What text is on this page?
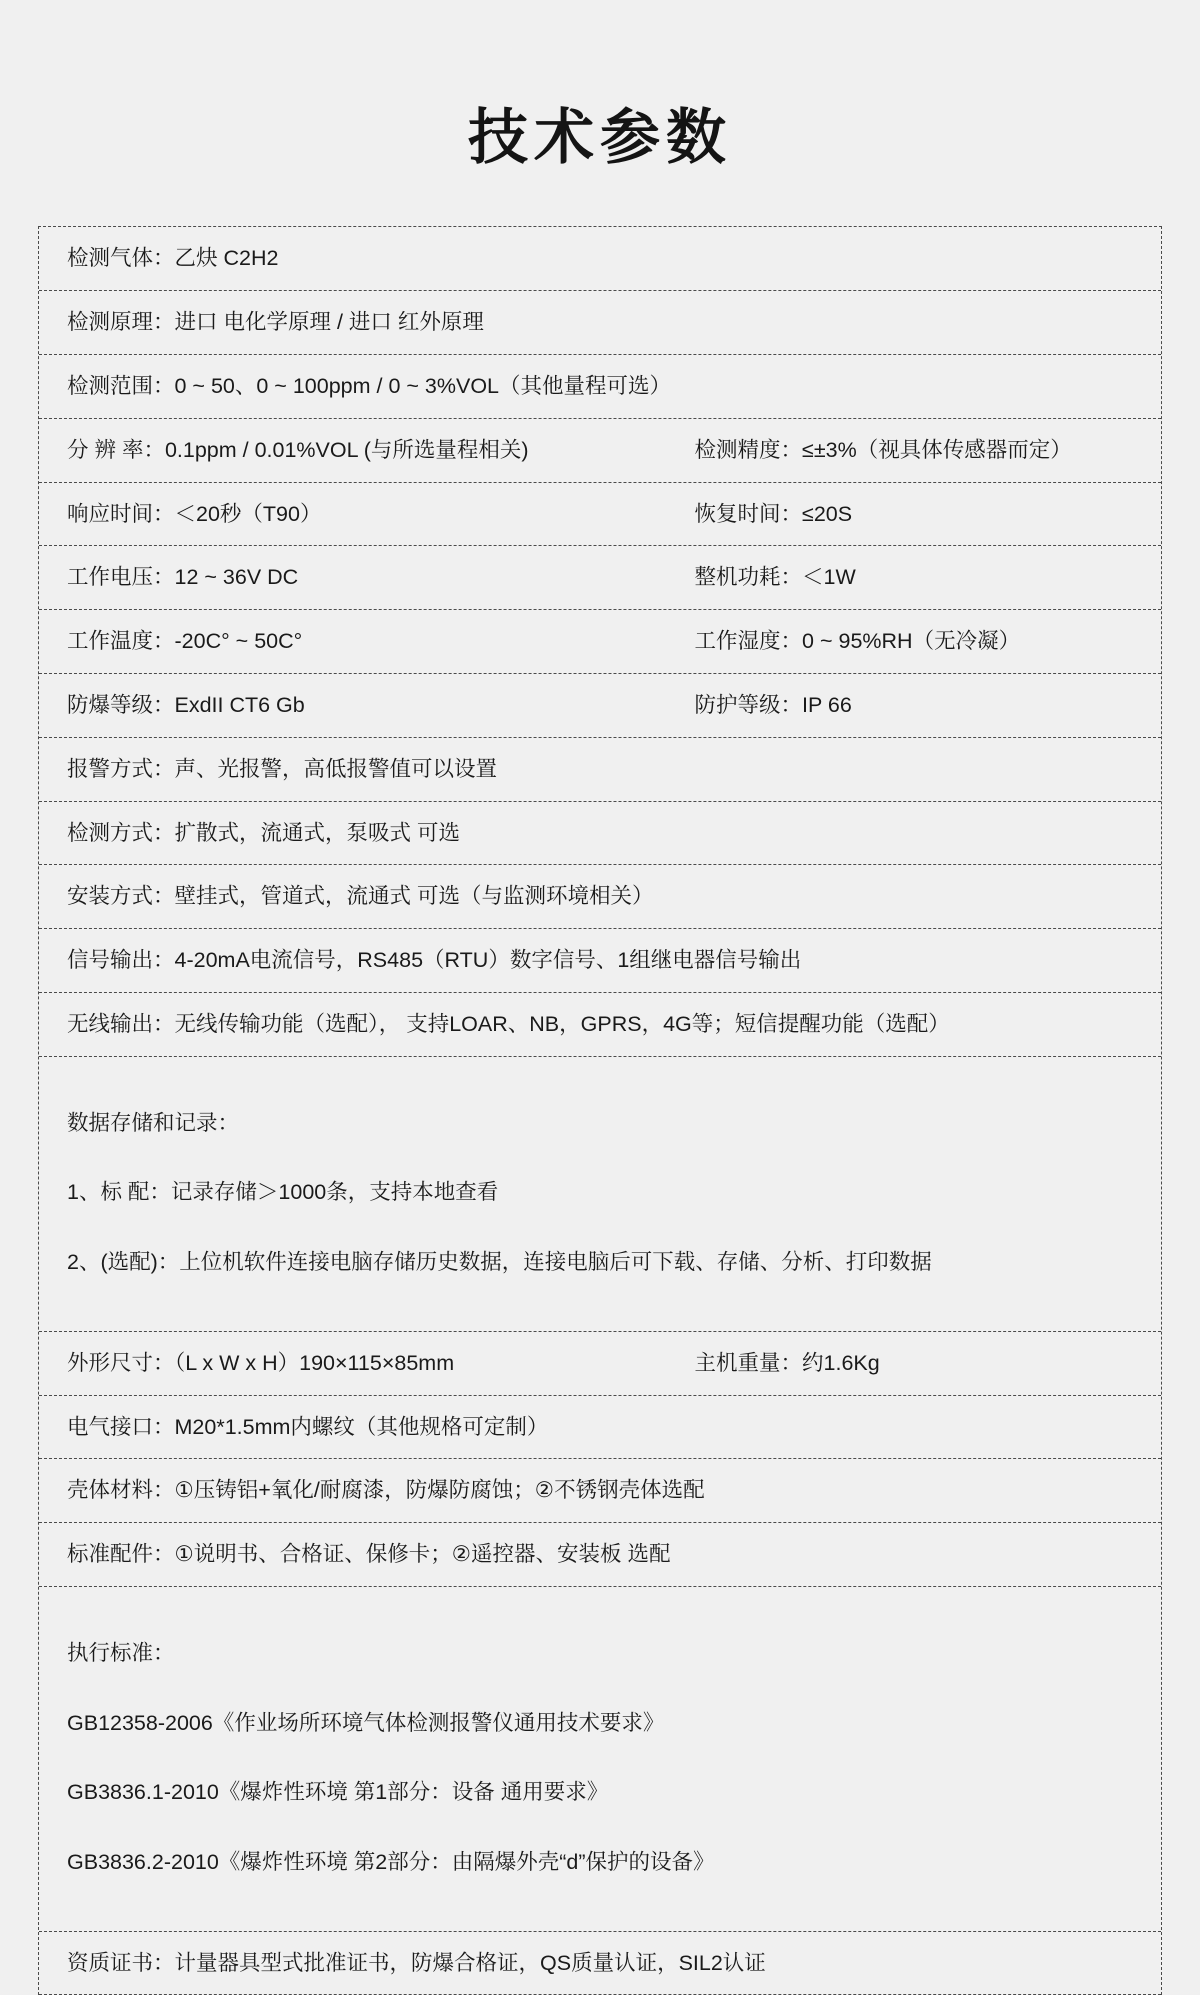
技术参数
检测气体：乙炔 C2H2
检测原理：进口 电化学原理 / 进口 红外原理
检测范围：0 ~ 50、0 ~ 100ppm / 0 ~ 3%VOL（其他量程可选）
分 辨 率：0.1ppm / 0.01%VOL (与所选量程相关)	检测精度：≤±3%（视具体传感器而定）
响应时间：＜20秒（T90）	恢复时间：≤20S
工作电压：12 ~ 36V DC	整机功耗：＜1W
工作温度：-20C° ~ 50C°	工作湿度：0 ~ 95%RH（无冷凝）
防爆等级：ExdII CT6 Gb	防护等级：IP 66
报警方式：声、光报警，高低报警值可以设置
检测方式：扩散式，流通式，泵吸式 可选
安装方式：壁挂式，管道式，流通式 可选（与监测环境相关）
信号输出：4-20mA电流信号，RS485（RTU）数字信号、1组继电器信号输出
无线输出：无线传输功能（选配）， 支持LOAR、NB，GPRS，4G等；短信提醒功能（选配）

数据存储和记录：

1、标 配：记录存储＞1000条，支持本地查看

2、(选配)：上位机软件连接电脑存储历史数据，连接电脑后可下载、存储、分析、打印数据

外形尺寸：（L x W x H）190×115×85mm	主机重量：约1.6Kg
电气接口：M20*1.5mm内螺纹（其他规格可定制）
壳体材料：①压铸铝+氧化/耐腐漆，防爆防腐蚀；②不锈钢壳体选配
标准配件：①说明书、合格证、保修卡；②遥控器、安装板 选配

执行标准：

GB12358-2006《作业场所环境气体检测报警仪通用技术要求》

GB3836.1-2010《爆炸性环境 第1部分：设备 通用要求》

GB3836.2-2010《爆炸性环境 第2部分：由隔爆外壳“d”保护的设备》

资质证书：计量器具型式批准证书，防爆合格证，QS质量认证，SIL2认证
